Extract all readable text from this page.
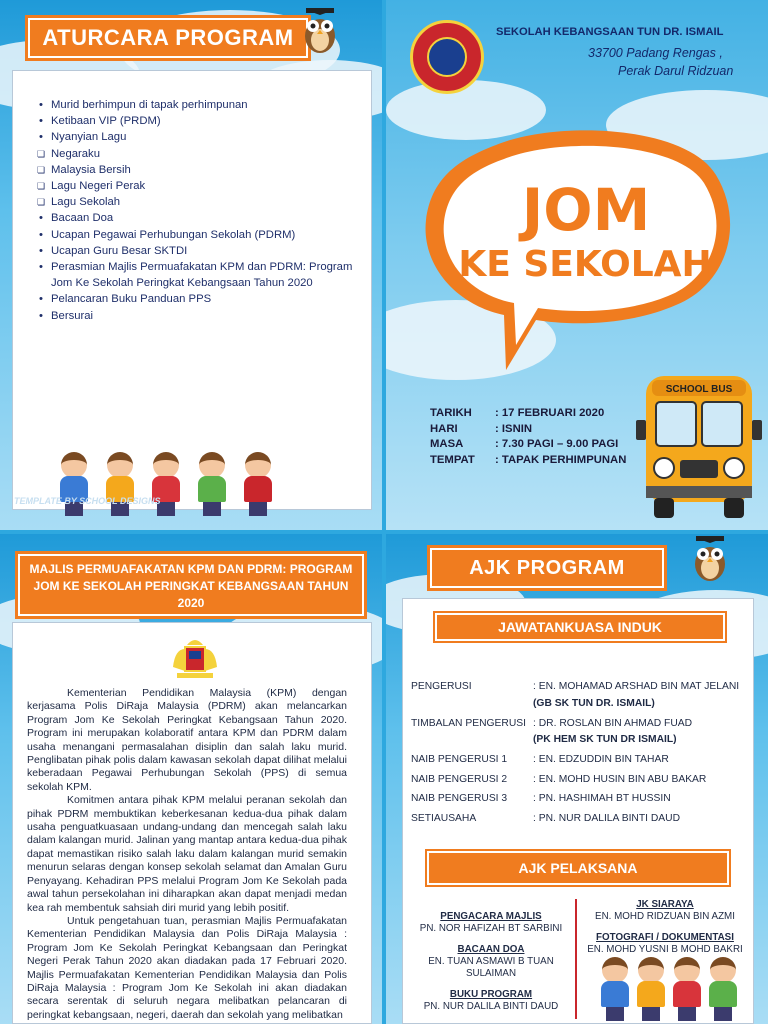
ATURCARA PROGRAM
• Murid berhimpun di tapak perhimpunan
• Ketibaan VIP (PRDM)
• Nyanyian Lagu
❏ Negaraku
❏ Malaysia Bersih
❏ Lagu Negeri Perak
❏ Lagu Sekolah
• Bacaan Doa
• Ucapan Pegawai Perhubungan Sekolah (PDRM)
• Ucapan Guru Besar SKTDI
• Perasmian Majlis Permuafakatan KPM dan PDRM: Program Jom Ke Sekolah Peringkat Kebangsaan Tahun 2020
• Pelancaran Buku Panduan PPS
• Bersurai
TEMPLATE BY SCHOOL DESIGNS
SEKOLAH KEBANGSAAN TUN DR. ISMAIL
33700 Padang Rengas ,
Perak Darul Ridzuan
JOM
KE SEKOLAH
TARIKH	: 17 FEBRUARI 2020
HARI	: ISNIN
MASA	: 7.30 PAGI – 9.00 PAGI
TEMPAT	: TAPAK PERHIMPUNAN
SCHOOL BUS
MAJLIS PERMUAFAKATAN KPM DAN PDRM: PROGRAM JOM KE SEKOLAH PERINGKAT KEBANGSAAN TAHUN 2020

Kementerian Pendidikan Malaysia (KPM) dengan kerjasama Polis DiRaja Malaysia (PDRM) akan melancarkan Program Jom Ke Sekolah Peringkat Kebangsaan Tahun 2020. Program ini merupakan kolaboratif antara KPM dan PDRM dalam usaha menangani permasalahan disiplin dan salah laku murid. Penglibatan pihak polis dalam kawasan sekolah dapat dilihat melalui keberadaan Pegawai Perhubungan Sekolah (PPS) di semua sekolah KPM.

Komitmen antara pihak KPM melalui peranan sekolah dan pihak PDRM membuktikan keberkesanan kedua-dua pihak dalam usaha penguatkuasaan undang-undang dan mencegah salah laku dalam kalangan murid. Jalinan yang mantap antara kedua-dua pihak dapat memastikan risiko salah laku dalam kalangan murid semakin menurun selaras dengan konsep sekolah selamat dan Amalan Guru Penyayang. Kehadiran PPS melalui Program Jom Ke Sekolah pada awal tahun persekolahan ini diharapkan akan dapat menjadi medan kea rah membentuk sahsiah diri murid yang lebih positif.

Untuk pengetahuan tuan, perasmian Majlis Permuafakatan Kementerian Pendidikan Malaysia dan Polis DiRaja Malaysia : Program Jom Ke Sekolah Peringkat Kebangsaan dan Peringkat Negeri Perak Tahun 2020 akan diadakan pada 17 Februari 2020. Majlis Permuafakatan Kementerian Pendidikan Malaysia dan Polis DiRaja Malaysia : Program Jom Ke Sekolah ini akan diadakan secara serentak di seluruh negara melibatkan pelancaran di peringkat kebangsaan, negeri, daerah dan sekolah yang melibatkan

AJK PROGRAM
JAWATANKUASA INDUK
PENGERUSI	: EN. MOHAMAD ARSHAD BIN MAT JELANI
(GB SK TUN DR. ISMAIL)
TIMBALAN PENGERUSI : DR. ROSLAN BIN AHMAD FUAD
(PK HEM SK TUN DR ISMAIL)
NAIB PENGERUSI 1	: EN. EDZUDDIN BIN TAHAR
NAIB PENGERUSI 2	: EN. MOHD HUSIN BIN ABU BAKAR
NAIB PENGERUSI 3	: PN. HASHIMAH BT HUSSIN
SETIAUSAHA	: PN. NUR DALILA BINTI DAUD
AJK PELAKSANA
PENGACARA MAJLIS
PN. NOR HAFIZAH BT SARBINI
BACAAN DOA
EN. TUAN ASMAWI B TUAN SULAIMAN
BUKU PROGRAM
PN. NUR DALILA BINTI DAUD
JK SIARAYA
EN. MOHD RIDZUAN BIN AZMI
FOTOGRAFI / DOKUMENTASI
EN. MOHD YUSNI B MOHD BAKRI
